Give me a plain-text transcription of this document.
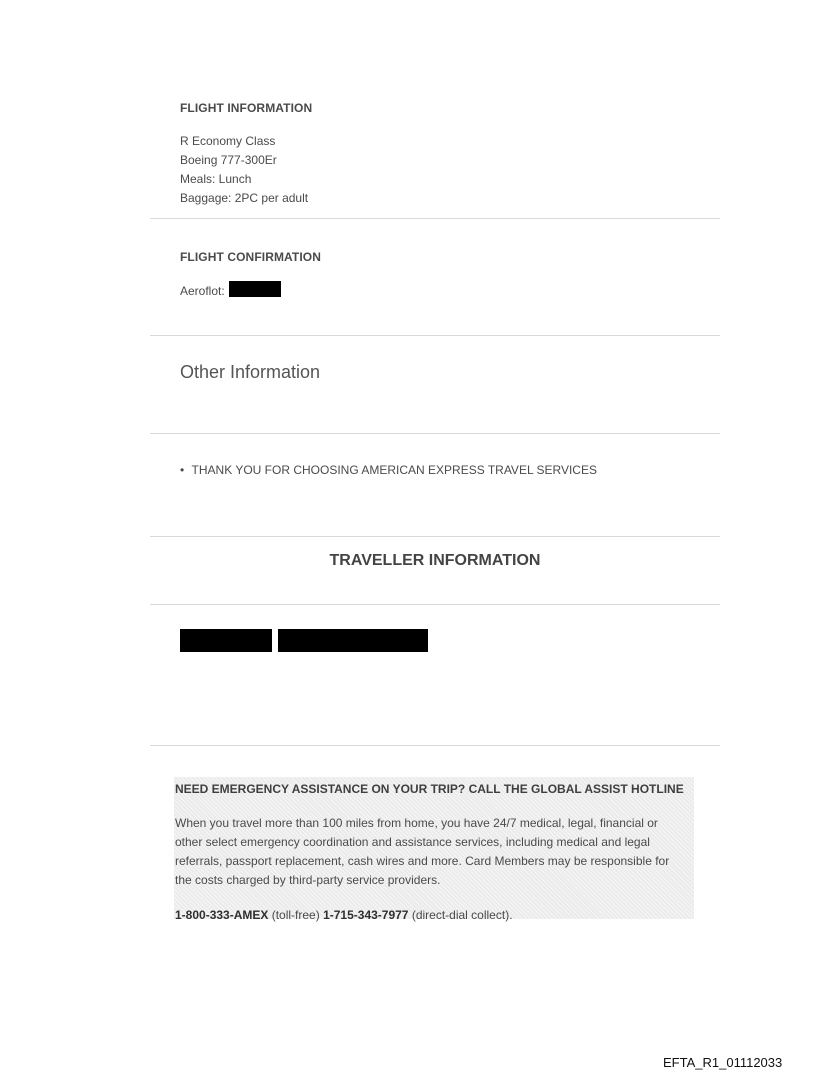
FLIGHT INFORMATION
R Economy Class
Boeing 777-300Er
Meals: Lunch
Baggage: 2PC per adult
FLIGHT CONFIRMATION
Aeroflot:
Other Information
• THANK YOU FOR CHOOSING AMERICAN EXPRESS TRAVEL SERVICES
TRAVELLER INFORMATION
NEED EMERGENCY ASSISTANCE ON YOUR TRIP? CALL THE GLOBAL ASSIST HOTLINE
When you travel more than 100 miles from home, you have 24/7 medical, legal, financial or
other select emergency coordination and assistance services, including medical and legal
referrals, passport replacement, cash wires and more. Card Members may be responsible for
the costs charged by third-party service providers.
1-800-333-AMEX (toll-free) 1-715-343-7977 (direct-dial collect).
EFTA_R1_01112033
